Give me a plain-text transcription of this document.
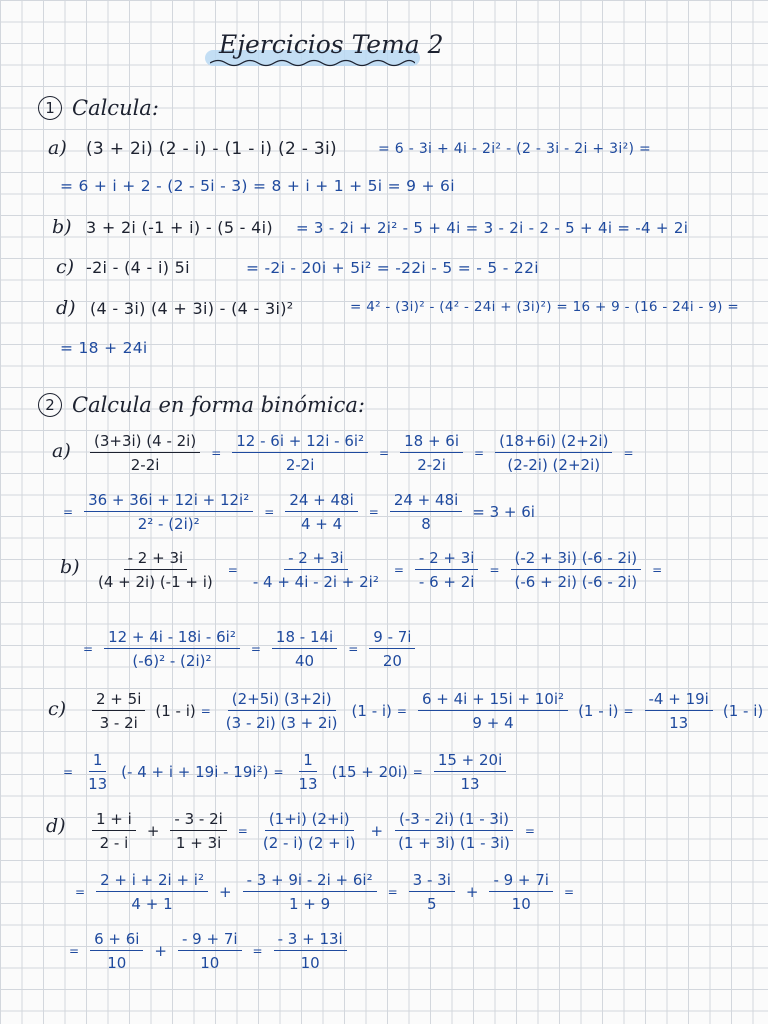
Ejercicios Tema 2
1 Calcula:
a) (3 + 2i) (2 - i) - (1 - i) (2 - 3i)	= 6 - 3i + 4i - 2i² - (2 - 3i - 2i + 3i²) =
= 6 + i + 2 - (2 - 5i - 3) = 8 + i + 1 + 5i = 9 + 6i
b) 3 + 2i (-1 + i) - (5 - 4i) = 3 - 2i + 2i² - 5 + 4i = 3 - 2i - 2 - 5 + 4i = -4 + 2i
c) -2i - (4 - i) 5i	= -2i - 20i + 5i² = -22i - 5 = - 5 - 22i
d) (4 - 3i) (4 + 3i) - (4 - 3i)²	= 4² - (3i)² - (4² - 24i + (3i)²) = 16 + 9 - (16 - 24i - 9) =
= 18 + 24i
2 Calcula en forma binómica:
$a) \frac{(3+3i) (4 - 2i)}{2-2i} = \frac{\text{12 - 6i + 12i - 6i²}}{2-2i} = \frac{18 + 6i}{2-2i} = \frac{(18+6i) (2+2i)}{(2-2i) (2+2i)}$ =
= $\frac{\text{36 + 36i + 12i + 12i²}}{\text{2² - (2i)²}} = \frac{24 + 48i}{4 + 4} = \frac{24 + 48i}{8} = 3 + 6i$
$b) \frac{- 2 + 3i}{(4 + 2i) (-1 + i)} = \frac{- 2 + 3i}{\text{- 4 + 4i - 2i + 2i²}} = \frac{- 2 + 3i}{- 6 + 2i} = \frac{(-2 + 3i) (-6 - 2i)}{(-6 + 2i) (-6 - 2i)}$ =
= $\frac{\text{12 + 4i - 18i - 6i²}}{\text{(-6)² - (2i)²}} = \frac{18 - 14i}{40} = \frac{9 - 7i}{20}$
$c) \frac{2 + 5i}{3 - 2i} (1 - i) = \frac{(2+5i) (3+2i)}{(3 - 2i) (3 + 2i)} (1 - i) = \frac{\text{6 + 4i + 15i + 10i²}}{9 + 4} (1 - i) = \frac{-4 + 19i}{13} (1 - i)$
= $\frac{1}{13}$ (- $4 + i + 19i - 19i^2) = \frac{1}{13} (15 + 20i) = \frac{15 + 20i}{13}$
$d) \frac{1 + i}{2 - i} + \frac{- 3 - 2i}{1 + 3i} = \frac{(1+i) (2+i)}{(2 - i) (2 + i)} + \frac{(-3 - 2i) (1 - 3i)}{(1 + 3i) (1 - 3i)}$ =
= $\frac{\text{2 + i + 2i + i²}}{4 + 1} + \frac{\text{- 3 + 9i - 2i + 6i²}}{1 + 9} = \frac{3 - 3i}{5} + \frac{- 9 + 7i}{10}$ =
= $\frac{6 + 6i}{10} + \frac{- 9 + 7i}{10} = \frac{- 3 + 13i}{10}$
